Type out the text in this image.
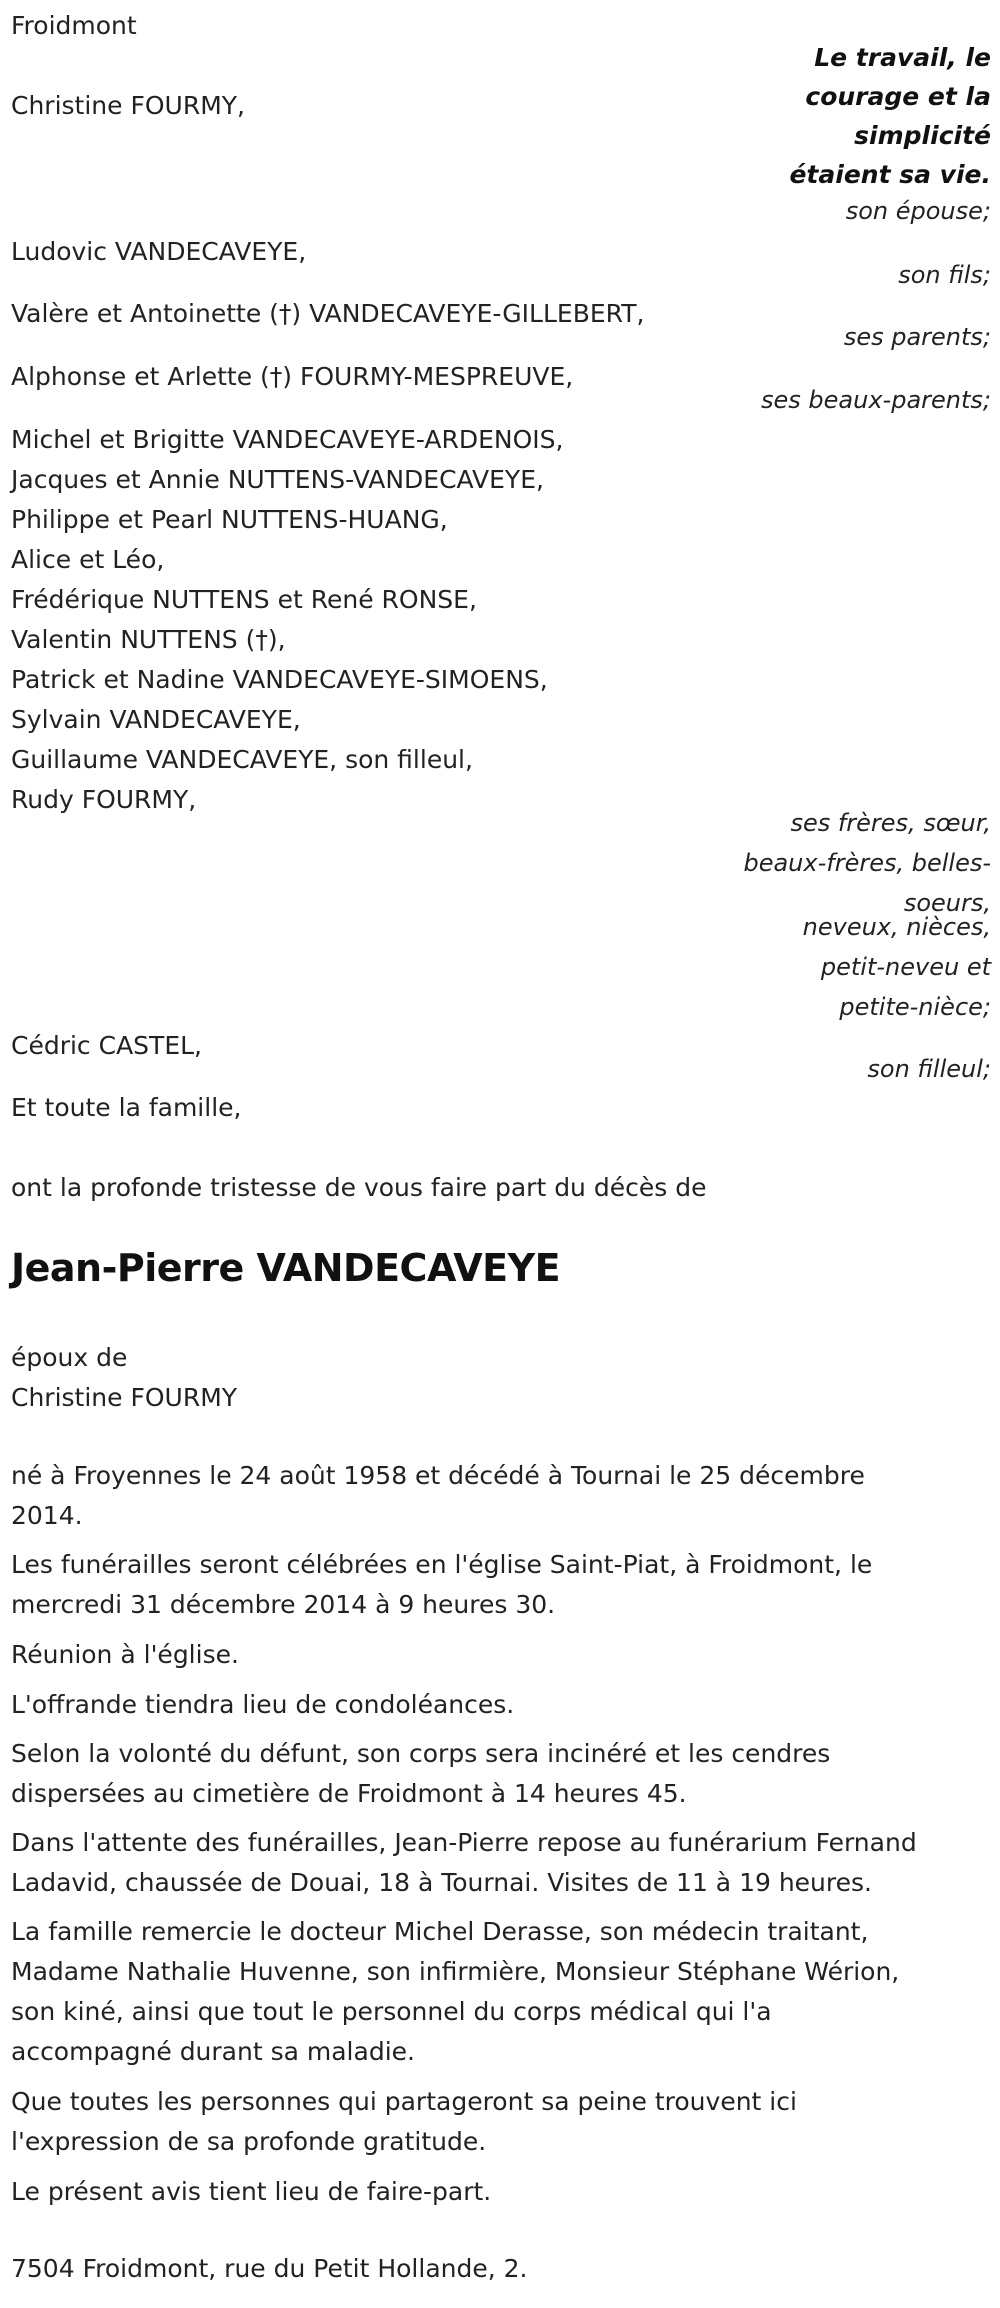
Froidmont
Le travail, le
courage et la
simplicité
étaient sa vie.
Christine FOURMY,
Ludovic VANDECAVEYE,
Valère et Antoinette (†) VANDECAVEYE-GILLEBERT,
Alphonse et Arlette (†) FOURMY-MESPREUVE,
Michel et Brigitte VANDECAVEYE-ARDENOIS,
Jacques et Annie NUTTENS-VANDECAVEYE,
Philippe et Pearl NUTTENS-HUANG,
Alice et Léo,
Frédérique NUTTENS et René RONSE,
Valentin NUTTENS (†),
Patrick et Nadine VANDECAVEYE-SIMOENS,
Sylvain VANDECAVEYE,
Guillaume VANDECAVEYE, son filleul,
Rudy FOURMY,
Cédric CASTEL,
Et toute la famille,
son épouse;
son fils;
ses parents;
ses beaux-parents;
ses frères, sœur,
beaux-frères, belles-
soeurs,
neveux, nièces,
petit-neveu et
petite-nièce;
son filleul;
ont la profonde tristesse de vous faire part du décès de
Jean-Pierre VANDECAVEYE
époux de
Christine FOURMY
né à Froyennes le 24 août 1958 et décédé à Tournai le 25 décembre
2014.
Les funérailles seront célébrées en l'église Saint-Piat, à Froidmont, le
mercredi 31 décembre 2014 à 9 heures 30.
Réunion à l'église.
L'offrande tiendra lieu de condoléances.
Selon la volonté du défunt, son corps sera incinéré et les cendres
dispersées au cimetière de Froidmont à 14 heures 45.
Dans l'attente des funérailles, Jean-Pierre repose au funérarium Fernand
Ladavid, chaussée de Douai, 18 à Tournai. Visites de 11 à 19 heures.
La famille remercie le docteur Michel Derasse, son médecin traitant,
Madame Nathalie Huvenne, son infirmière, Monsieur Stéphane Wérion,
son kiné, ainsi que tout le personnel du corps médical qui l'a
accompagné durant sa maladie.
Que toutes les personnes qui partageront sa peine trouvent ici
l'expression de sa profonde gratitude.
Le présent avis tient lieu de faire-part.
7504 Froidmont, rue du Petit Hollande, 2.
